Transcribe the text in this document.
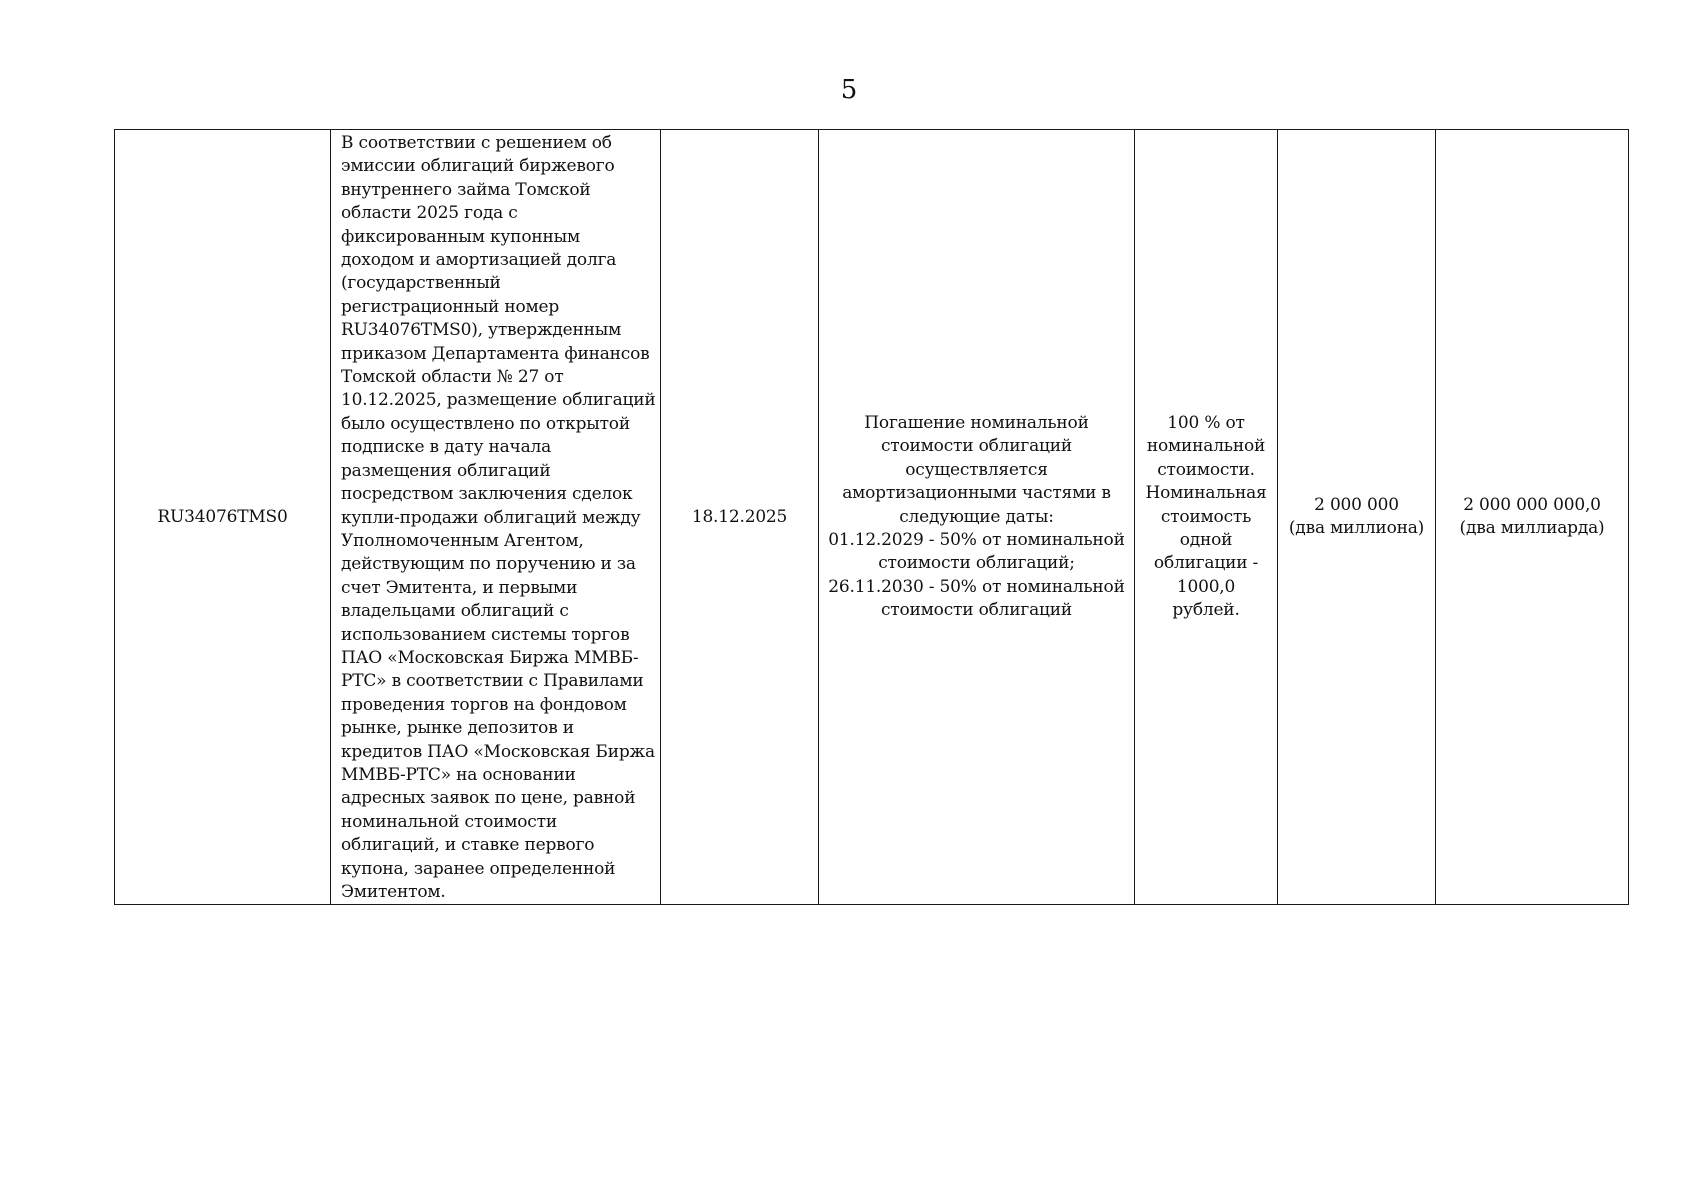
5
RU34076TMS0

В соответствии с решением об
эмиссии облигаций биржевого
внутреннего займа Томской
области 2025 года с
фиксированным купонным
доходом и амортизацией долга
(государственный
регистрационный номер
RU34076TMS0), утвержденным
приказом Департамента финансов
Томской области № 27 от
10.12.2025, размещение облигаций
было осуществлено по открытой
подписке в дату начала
размещения облигаций
посредством заключения сделок
купли-продажи облигаций между
Уполномоченным Агентом,
действующим по поручению и за
счет Эмитента, и первыми
владельцами облигаций с
использованием системы торгов
ПАО «Московская Биржа ММВБ-
РТС» в соответствии с Правилами
проведения торгов на фондовом
рынке, рынке депозитов и
кредитов ПАО «Московская Биржа
ММВБ-РТС» на основании
адресных заявок по цене, равной
номинальной стоимости
облигаций, и ставке первого
купона, заранее определенной
Эмитентом.

18.12.2025

Погашение номинальной
стоимости облигаций
осуществляется
амортизационными частями в
следующие даты:
01.12.2029 - 50% от номинальной
стоимости облигаций;
26.11.2030 - 50% от номинальной
стоимости облигаций

100 % от
номинальной
стоимости.
Номинальная
стоимость
одной
облигации -
1000,0
рублей.

2 000 000
(два миллиона)

2 000 000 000,0
(два миллиарда)
